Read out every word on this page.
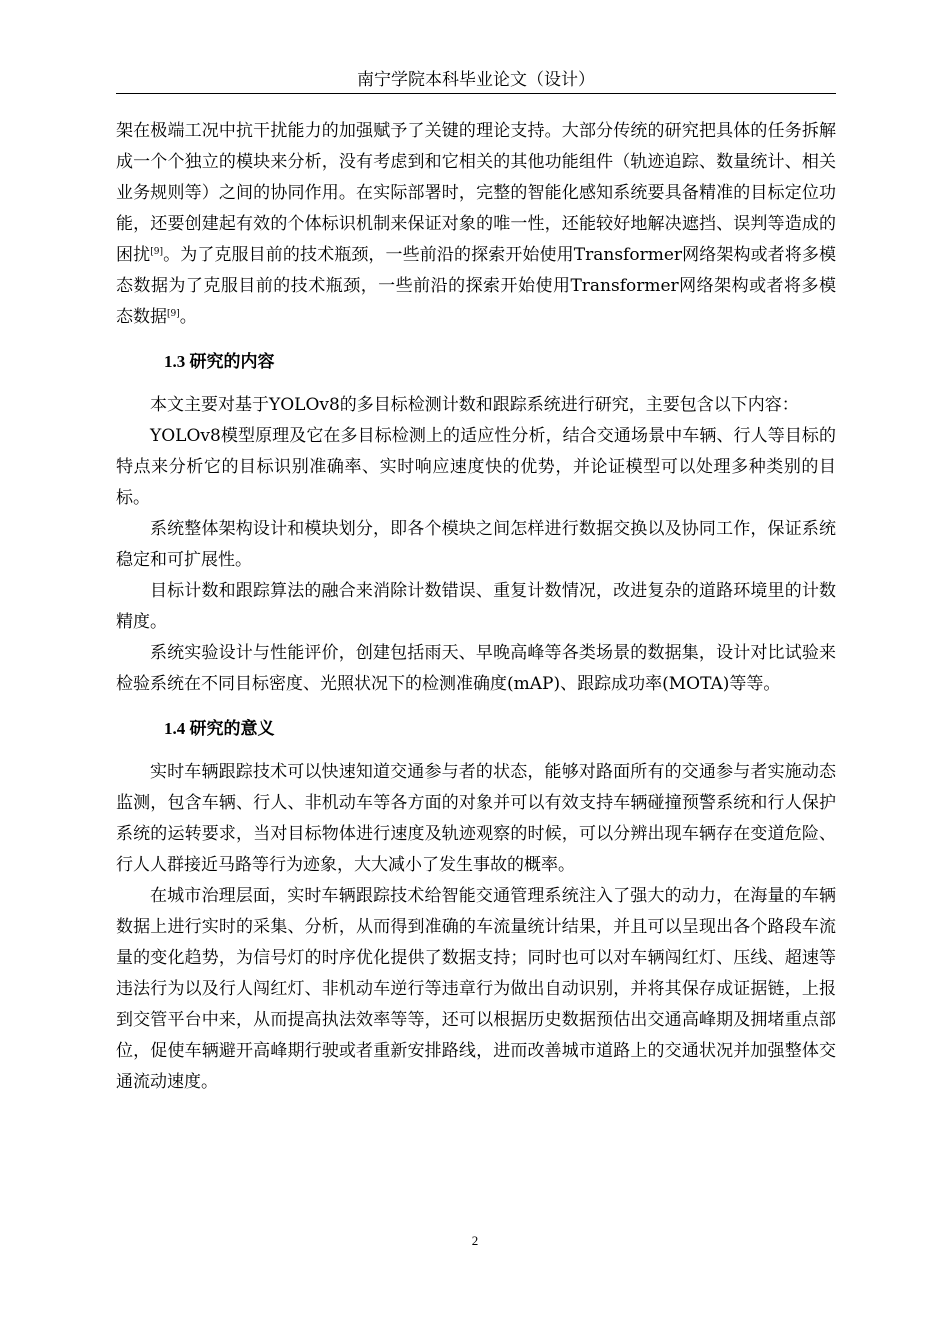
南宁学院本科毕业论文（设计）

架在极端工况中抗干扰能力的加强赋予了关键的理论支持。大部分传统的研究把具体的任务拆解成一个个独立的模块来分析，没有考虑到和它相关的其他功能组件（轨迹追踪、数量统计、相关业务规则等）之间的协同作用。在实际部署时，完整的智能化感知系统要具备精准的目标定位功能，还要创建起有效的个体标识机制来保证对象的唯一性，还能较好地解决遮挡、误判等造成的困扰[9]。为了克服目前的技术瓶颈，一些前沿的探索开始使用Transformer网络架构或者将多模态数据为了克服目前的技术瓶颈，一些前沿的探索开始使用Transformer网络架构或者将多模态数据[9]。

1.3 研究的内容

本文主要对基于YOLOv8的多目标检测计数和跟踪系统进行研究，主要包含以下内容：

YOLOv8模型原理及它在多目标检测上的适应性分析，结合交通场景中车辆、行人等目标的特点来分析它的目标识别准确率、实时响应速度快的优势，并论证模型可以处理多种类别的目标。

系统整体架构设计和模块划分，即各个模块之间怎样进行数据交换以及协同工作，保证系统稳定和可扩展性。

目标计数和跟踪算法的融合来消除计数错误、重复计数情况，改进复杂的道路环境里的计数精度。

系统实验设计与性能评价，创建包括雨天、早晚高峰等各类场景的数据集，设计对比试验来检验系统在不同目标密度、光照状况下的检测准确度(mAP)、跟踪成功率(MOTA)等等。

1.4 研究的意义

实时车辆跟踪技术可以快速知道交通参与者的状态，能够对路面所有的交通参与者实施动态监测，包含车辆、行人、非机动车等各方面的对象并可以有效支持车辆碰撞预警系统和行人保护系统的运转要求，当对目标物体进行速度及轨迹观察的时候，可以分辨出现车辆存在变道危险、行人人群接近马路等行为迹象，大大减小了发生事故的概率。

在城市治理层面，实时车辆跟踪技术给智能交通管理系统注入了强大的动力，在海量的车辆数据上进行实时的采集、分析，从而得到准确的车流量统计结果，并且可以呈现出各个路段车流量的变化趋势，为信号灯的时序优化提供了数据支持；同时也可以对车辆闯红灯、压线、超速等违法行为以及行人闯红灯、非机动车逆行等违章行为做出自动识别，并将其保存成证据链，上报到交管平台中来，从而提高执法效率等等，还可以根据历史数据预估出交通高峰期及拥堵重点部位，促使车辆避开高峰期行驶或者重新安排路线，进而改善城市道路上的交通状况并加强整体交通流动速度。

2
